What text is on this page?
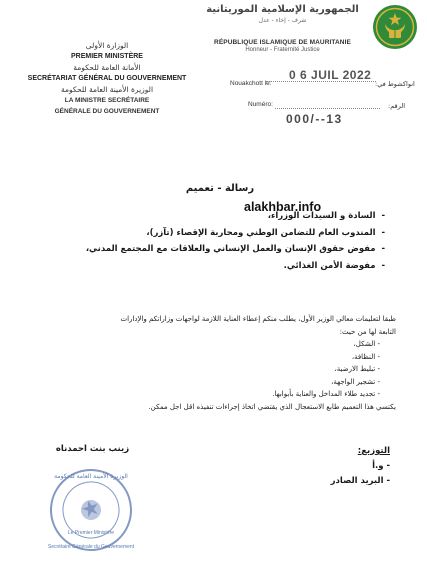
الجمهورية الإسلامية الموريتانية
شرف - إخاء - عدل
RÉPUBLIQUE ISLAMIQUE DE MAURITANIE
Honneur - Fraternité Justice
الوزارة الأولى
PREMIER MINISTÈRE
الأمانة العامة للحكومة
SECRÉTARIAT GÉNÉRAL DU GOUVERNEMENT
الوزيرة الأمينة العامة للحكومة
LA MINISTRE SECRÉTAIRE
GÉNÉRALE DU GOUVERNEMENT
Nouakchott le:	انواكشوط في:
0 6 JUIL 2022
Numéro:	الرقم:
000/--13
رسالة - تعميم
alakhbar.info
-  السادة و السيدات الوزراء،
-  المندوب العام للتضامن الوطني ومحاربة الإقصاء (تآزر)،
-  مفوض حقوق الإنسان والعمل الإنساني والعلاقات مع المجتمع المدني،
-  مفوضة الأمن الغذائي.
طبقا لتعليمات معالي الوزير الأول، يطلب منكم إعطاء العناية اللازمة لواجهات وزاراتكم والإدارات
التابعة لها من حيث:
- الشكل،
- النظافة،
- تبليط الارضية،
- تشجير الواجهة،
- تجديد طلاء المداخل والعناية بأبوابها.
يكتسي هذا التعميم طابع الاستعجال الذي يقتضي اتخاذ إجراءات تنفيذه اقل اجل ممكن.
زينب بنت احمدناه
الوزيرة الأمينة العامة للحكومة
Le Premier Ministère
Secrétaire Générale du Gouvernement
التوزيع:
- و.أ
- البريد الصادر
